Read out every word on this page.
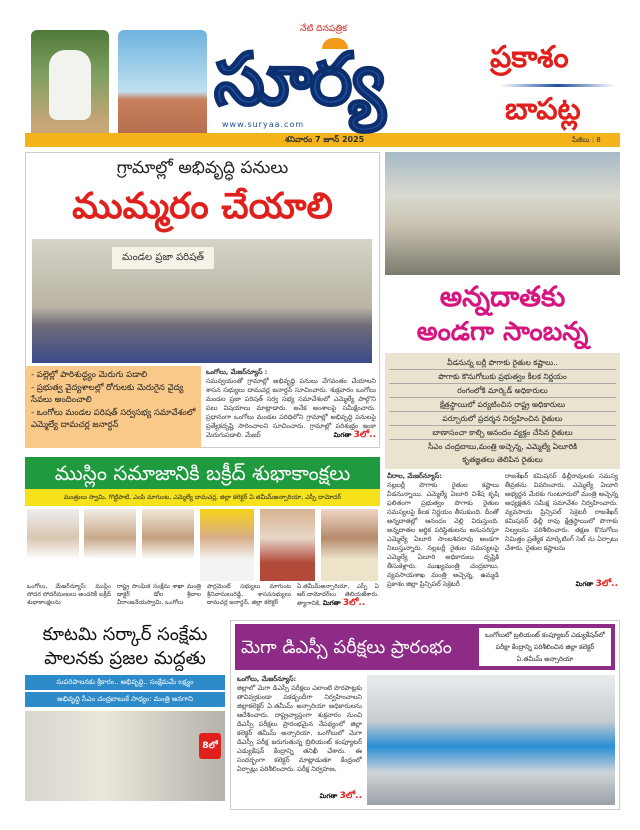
నేటి దినపత్రిక
సూర్య
www.suryaa.com
శనివారం 7 జూన్ 2025	పేజీలు : 8
ప్రకాశం
బాపట్ల
గ్రామాల్లో అభివృద్ధి పనులు
ముమ్మరం చేయాలి
మండల ప్రజా పరిషత్
- పల్లెల్లో పారిశుద్ధ్యం మెరుగు పడాలి
- ప్రభుత్వ వైద్యశాలల్లో రోగులకు మెరుగైన వైద్య సేవలు అందించాలి
- ఒంగోలు మండల పరిషత్ సర్వసభ్య సమావేశంలో ఎమ్మెల్యే దామచర్ల జనార్ధన్
ఒంగోలు, మేజర్‌న్యూస్ :
సమన్వయంతో గ్రామాల్లో అభివృద్ధి పనులు వేగవంతం చేయాలని శాసన సభ్యులు దామచర్ల జనార్ధన్ సూచించారు. శుక్రవారం ఒంగోలు మండల ప్రజా పరిషత్ సర్వ సభ్య సమావేశంలో ఎమ్మెల్యే పాల్గొని పలు విషయాలు మాట్లాడారు. అనేక అంశాలపై సమీక్షించారు. ప్రధానంగా ఒంగోలు మండల పరిధిలోని గ్రామాల్లో అభివృద్ధి పనులపై ప్రత్యేకదృష్టి సారించాలని సూచించారు. గ్రామాల్లో పరిశుభ్రం ఇంకా మెరుగుపడాలి. మేజర్	మిగతా 3లో..
అన్నదాతకు
అండగా సాంబన్న
వీడనున్న బర్లీ పొగాకు రైతుల కష్టాలు..
పొగాకు కొనుగోలుకు ప్రభుత్వం కీలక నిర్ణయం
రంగంలోకి మార్కెడ్ అధికారులు
క్షేత్రస్థాయిలో పర్యటించిన రాష్ట్ర అధికారులు
పర్చూరులో ప్రదర్శన నిర్వహించిన రైతులు
బాణాసంచా కాల్చి ఆనందం వ్యక్తం చేసిన రైతులు
సీఎం చంద్రబాబు,మంత్రి అచ్చెన్న, ఎమ్మెల్యే ఏలూరికి
కృతజ్ఞతలు తెలిపిన రైతులు
చీరాల, మేజర్‌న్యూస్:
నల్లబర్లీ పొగాకు రైతుల కష్టాలు వీడనున్నాయి. ఎమ్మెల్యే ఏలూరి విశేష కృషి ఫలితంగా ప్రభుత్వం పొగాకు రైతుల సమస్యలపై కీలక నిర్ణయం తీసుకుంది. దీంతో అన్నదాతల్లో ఆనందం వెల్లి విరుస్తుంది. అన్నదాతల ఆర్థిక పరిస్థితులను అనుసరిస్తూ ఎమ్మెల్యే ఏలూరి సాంబశివరావు అండగా నిలుస్తున్నారు. నల్లబర్లీ రైతుల సమస్యలపై ఎమ్మెల్యే ఏలూరి అధికారులు దృష్టికి తీసుకెళ్లారు. ముఖ్యమంత్రి చంద్రబాబు, వ్యవసాయశాఖ మంత్రి అచ్చెన్న, ఉమ్మడి ప్రకాశం జిల్లా ప్రిన్సిపల్ సెక్రెటరీ
రాజశేఖర్ కమిషనర్ ఢిల్లీరావులకు సమస్య తీవ్రతను వివరించారు. ఎమ్మెల్యే ఏలూరి అభ్యర్థన మేరకు గుంటూరులో మంత్రి అచ్చెన్న అధ్యక్షతన సమీక్ష సమావేశం నిర్వహించారు. వ్యవసాయ ప్రిన్సిపల్ సెక్రెటరీ రాజశేఖర్ కమిషనర్ ఢిల్లీ రావు క్షేత్రస్థాయిలో పొగాకు నిల్వలను పరిశీలించారు. తక్షణ కొనుగోలు నిమిత్తం ప్రత్యేక మార్కెటింగ్ సెల్ ను ఏర్పాటు చేశారు. రైతుల కష్టాలను
మిగతా 3లో..
ముస్లిం సమాజానికి బక్రీద్ శుభాకాంక్షలు
మంత్రులు స్వామి, గొట్టిపాటి, ఎంపి మాగుంట, ఎమ్మెల్యే దామచర్ల, జిల్లా కలెక్టర్ ఏ.తమీమ్‌అన్సారియా, ఎస్పీ దామోదర్
ఒంగోలు, మేజర్‌న్యూస్: ముస్లిం సోదర సోదరీమణులు అందరికీ బక్రీద్ శుభాకాంక్షలను
రాష్ట్ర సాంఘిక సంక్షేమ శాఖా మంత్రి డాక్టర్ డోల శ్రీబాల వీరాంజనేయస్వామి, ఒంగోలు
పార్లమెంట్ సభ్యులు మాగుంట శ్రీనివాసులురెడ్డి, శాసనసభ్యులు దామచర్ల జనార్ధన్, జిల్లా కలెక్టర్
ఏ.తమీమ్‌అన్సారియా, ఎస్పీ ఏ ఆర్.దామోదర్‌లు తెలియజేశారు. త్యాగానికి, మిగతా 3లో..
కూటమి సర్కార్ సంక్షేమ పాలనకు ప్రజల మద్దతు
సుపరిపాలనకు శ్రీకారం.. అభివృద్ధి.. సంక్షేమమే లక్ష్యం
అభివృద్ధి సీఎం చంద్రబాబుకే సాధ్యం: మంత్రి అనగాని
8లో
మెగా డిఎస్సీ పరీక్షలు ప్రారంభం
ఒంగోలులో బ్రలియంట్ కంప్యూటర్ ఎడ్యుకేషన్‌లో పరీక్షా కేంద్రాన్ని పరిశీలించిన జిల్లా కలెక్టర్ ఏ.తమీమ్ అన్సారియా
ఒంగోలు, మేజర్‌న్యూస్:
జిల్లాలో మెగా డిఎస్సీ పరీక్షలు ఎలాంటి పొరపాట్లకు తావివ్వకుండా పకడ్బందీగా నిర్వహించాలని జిల్లాకలెక్టర్ ఏ.తమీమ్ అన్సారియా అధికారులను ఆదేశించారు. రాష్ట్రవ్యాప్తంగా శుక్రవారం నుంచి డిఎస్సీ పరీక్షలు ప్రారంభమైన నేపథ్యంలో జిల్లా కలెక్టర్ తమీమ్ అన్సారియా, ఒంగోలులో మెగా డిఎస్సీ పరీక్ష జరుగుతున్న బ్రిలియంట్ కంప్యూటర్ ఎడ్యుకేషన్ కేంద్రాన్ని తనిఖీ చేశారు. ఈ సందర్భంగా కలెక్టర్ మాట్లాడుతూ కేంద్రంలో ఏర్పాట్లు పరిశీలించారు. పరీక్ష నిర్వహణ,
మిగతా 3లో..
